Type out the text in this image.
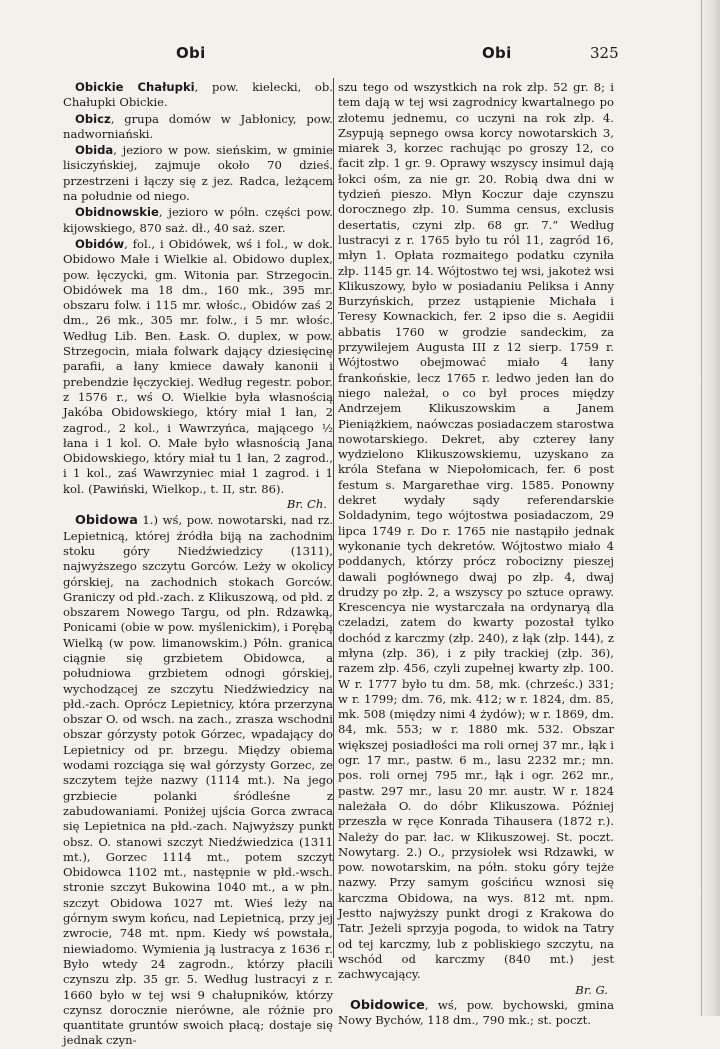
Obi	Obi	325

Obickie Chałupki, pow. kielecki, ob. Chałupki Obickie.

Obicz, grupa domów w Jabłonicy, pow. nadworniański.

Obida, jezioro w pow. sieńskim, w gminie lisiczyńskiej, zajmuje około 70 dzieś. przestrzeni i łączy się z jez. Radca, leżącem na południe od niego.

Obidnowskie, jezioro w półn. części pow. kijowskiego, 870 saż. dł., 40 saż. szer.

Obidów, fol., i Obidówek, wś i fol., w dok. Obidowo Małe i Wielkie al. Obidowo duplex, pow. łęczycki, gm. Witonia par. Strzegocin. Obidówek ma 18 dm., 160 mk., 395 mr. obszaru folw. i 115 mr. włośc., Obidów zaś 2 dm., 26 mk., 305 mr. folw., i 5 mr. włośc. Według Lib. Ben. Łask. O. duplex, w pow. Strzegocin, miała folwark dający dziesięcinę parafii, a łany kmiece dawały kanonii i prebendzie łęczyckiej. Według regestr. pobor. z 1576 r., wś O. Wielkie była własnością Jakóba Obidowskiego, który miał 1 łan, 2 zagrod., 2 kol., i Wawrzyńca, mającego ½ łana i 1 kol. O. Małe było własnością Jana Obidowskiego, który miał tu 1 łan, 2 zagrod., i 1 kol., zaś Wawrzyniec miał 1 zagrod. i 1 kol. (Pawiński, Wielkop., t. II, str. 86).
Br. Ch.

Obidowa 1.) wś, pow. nowotarski, nad rz. Lepietnicą, której źródła biją na zachodnim stoku góry Niedźwiedzicy (1311), najwyższego szczytu Gorców. Leży w okolicy górskiej, na zachodnich stokach Gorców. Graniczy od płd.-zach. z Klikuszową, od płd. z obszarem Nowego Targu, od płn. Rdzawką, Ponicami (obie w pow. myślenickim), i Porębą Wielką (w pow. limanowskim.) Półn. granica ciągnie się grzbietem Obidowca, a południowa grzbietem odnogi górskiej, wychodzącej ze szczytu Niedźwiedzicy na płd.-zach. Oprócz Lepietnicy, która przerzyna obszar O. od wsch. na zach., zrasza wschodni obszar górzysty potok Górzec, wpadający do Lepietnicy od pr. brzegu. Między obiema wodami rozciąga się wał górzysty Gorzec, ze szczytem tejże nazwy (1114 mt.). Na jego grzbiecie polanki śródleśne z zabudowaniami. Poniżej ujścia Gorca zwraca się Lepietnica na płd.-zach. Najwyższy punkt obsz. O. stanowi szczyt Niedźwiedzica (1311 mt.), Gorzec 1114 mt., potem szczyt Obidowca 1102 mt., następnie w płd.-wsch. stronie szczyt Bukowina 1040 mt., a w płn. szczyt Obidowa 1027 mt. Wieś leży na górnym swym końcu, nad Lepietnicą, przy jej zwrocie, 748 mt. npm. Kiedy wś powstała, niewiadomo. Wymienia ją lustracya z 1636 r. Było wtedy 24 zagrodn., którzy płacili czynszu złp. 35 gr. 5. Według lustracyi z r. 1660 było w tej wsi 9 chałupników, którzy czynsz dorocznie nierówne, ale różnie pro quantitate gruntów swoich płacą; dostaje się jednak czyn-

szu tego od wszystkich na rok złp. 52 gr. 8; i tem dają w tej wsi zagrodnicy kwartalnego po złotemu jednemu, co uczyni na rok złp. 4. Zsypują sepnego owsa korcy nowotarskich 3, miarek 3, korzec rachując po groszy 12, co facit złp. 1 gr. 9. Oprawy wszyscy insimul dają łokci ośm, za nie gr. 20. Robią dwa dni w tydzień pieszo. Młyn Koczur daje czynszu dorocznego złp. 10. Summa census, exclusis desertatis, czyni złp. 68 gr. 7.“ Według lustracyi z r. 1765 było tu ról 11, zagród 16, młyn 1. Opłata rozmaitego podatku czyniła złp. 1145 gr. 14. Wójtostwo tej wsi, jakoteż wsi Klikuszowy, było w posiadaniu Peliksa i Anny Burzyńskich, przez ustąpienie Michała i Teresy Kownackich, fer. 2 ipso die s. Aegidii abbatis 1760 w grodzie sandeckim, za przywilejem Augusta III z 12 sierp. 1759 r. Wójtostwo obejmować miało 4 łany frankońskie, lecz 1765 r. ledwo jeden łan do niego należał, o co był proces między Andrzejem Klikuszowskim a Janem Pieniążkiem, naówczas posiadaczem starostwa nowotarskiego. Dekret, aby czterey łany wydzielono Klikuszowskiemu, uzyskano za króla Stefana w Niepołomicach, fer. 6 post festum s. Margarethae virg. 1585. Ponowny dekret wydały sądy referendarskie Soldadynim, tego wójtostwa posiadaczom, 29 lipca 1749 r. Do r. 1765 nie nastąpiło jednak wykonanie tych dekretów. Wójtostwo miało 4 poddanych, którzy prócz robocizny pieszej dawali pogłównego dwaj po złp. 4, dwaj drudzy po złp. 2, a wszyscy po sztuce oprawy. Krescencya nie wystarczała na ordynaryą dla czeladzi, zatem do kwarty pozostał tylko dochód z karczmy (złp. 240), z łąk (złp. 144), z młyna (złp. 36), i z piły trackiej (złp. 36), razem złp. 456, czyli zupełnej kwarty złp. 100. W r. 1777 było tu dm. 58, mk. (chrześc.) 331; w r. 1799; dm. 76, mk. 412; w r. 1824, dm. 85, mk. 508 (między nimi 4 żydów); w r. 1869, dm. 84, mk. 553; w r. 1880 mk. 532. Obszar większej posiadłości ma roli ornej 37 mr., łąk i ogr. 17 mr., pastw. 6 m., lasu 2232 mr.; mn. pos. roli ornej 795 mr., łąk i ogr. 262 mr., pastw. 297 mr., lasu 20 mr. austr. W r. 1824 należała O. do dóbr Klikuszowa. Później przeszła w ręce Konrada Tihausera (1872 r.). Należy do par. łac. w Klikuszowej. St. poczt. Nowytarg. 2.) O., przysiołek wsi Rdzawki, w pow. nowotarskim, na półn. stoku góry tejże nazwy. Przy samym gościńcu wznosi się karczma Obidowa, na wys. 812 mt. npm. Jestto najwyższy punkt drogi z Krakowa do Tatr. Jeżeli sprzyja pogoda, to widok na Tatry od tej karczmy, lub z pobliskiego szczytu, na wschód od karczmy (840 mt.) jest zachwycający.
Br. G.

Obidowice, wś, pow. bychowski, gmina Nowy Bychów, 118 dm., 790 mk.; st. poczt.
